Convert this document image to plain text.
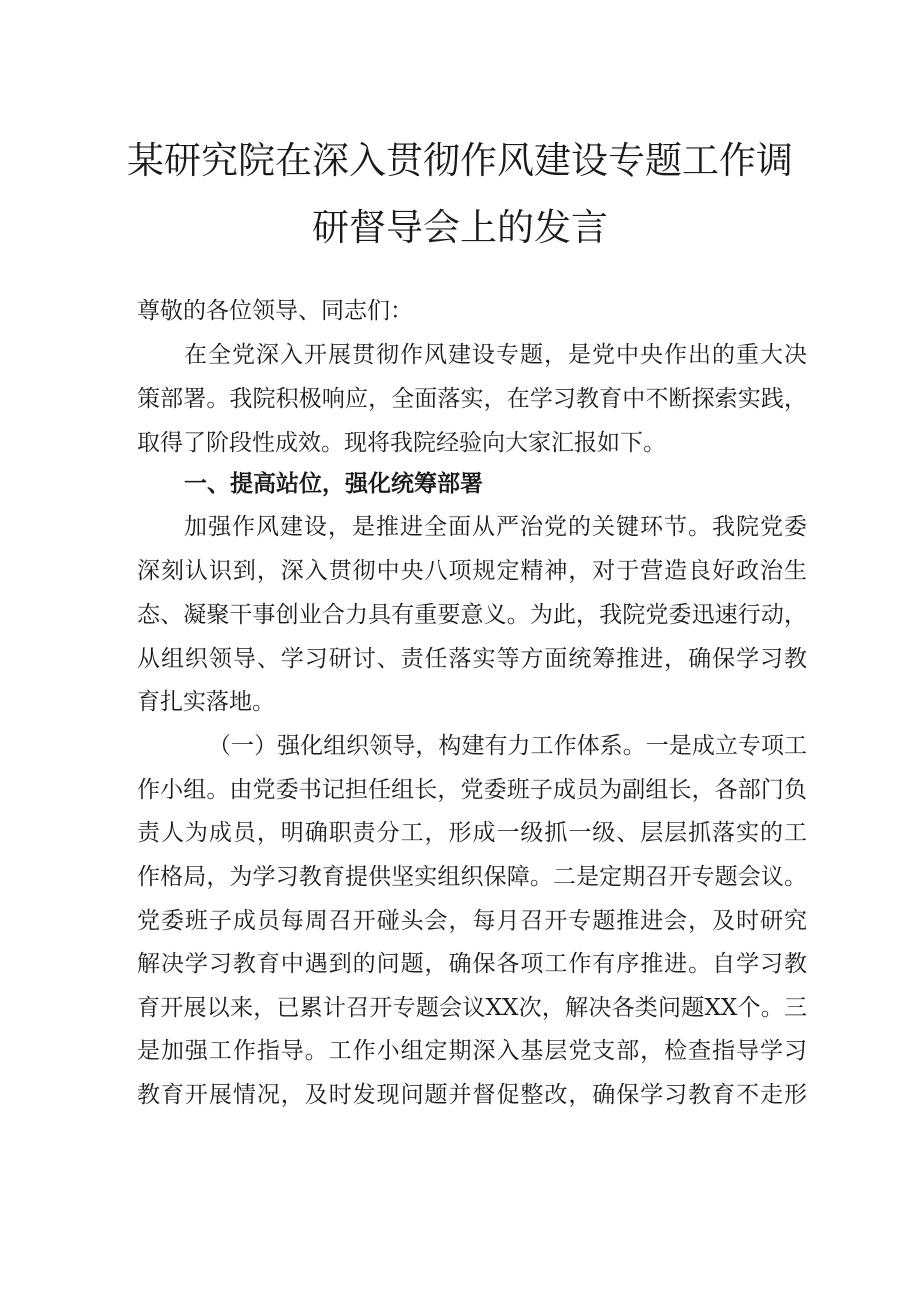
某研究院在深入贯彻作风建设专题工作调
研督导会上的发言
尊敬的各位领导、同志们：
在全党深入开展贯彻作风建设专题，是党中央作出的重大决
策部署。我院积极响应，全面落实，在学习教育中不断探索实践，
取得了阶段性成效。现将我院经验向大家汇报如下。
一、提高站位，强化统筹部署
加强作风建设，是推进全面从严治党的关键环节。我院党委
深刻认识到，深入贯彻中央八项规定精神，对于营造良好政治生
态、凝聚干事创业合力具有重要意义。为此，我院党委迅速行动，
从组织领导、学习研讨、责任落实等方面统筹推进，确保学习教
育扎实落地。
（一）强化组织领导，构建有力工作体系。一是成立专项工
作小组。由党委书记担任组长，党委班子成员为副组长，各部门负
责人为成员，明确职责分工，形成一级抓一级、层层抓落实的工
作格局，为学习教育提供坚实组织保障。二是定期召开专题会议。
党委班子成员每周召开碰头会，每月召开专题推进会，及时研究
解决学习教育中遇到的问题，确保各项工作有序推进。自学习教
育开展以来，已累计召开专题会议XX次，解决各类问题XX个。三
是加强工作指导。工作小组定期深入基层党支部，检查指导学习
教育开展情况，及时发现问题并督促整改，确保学习教育不走形
